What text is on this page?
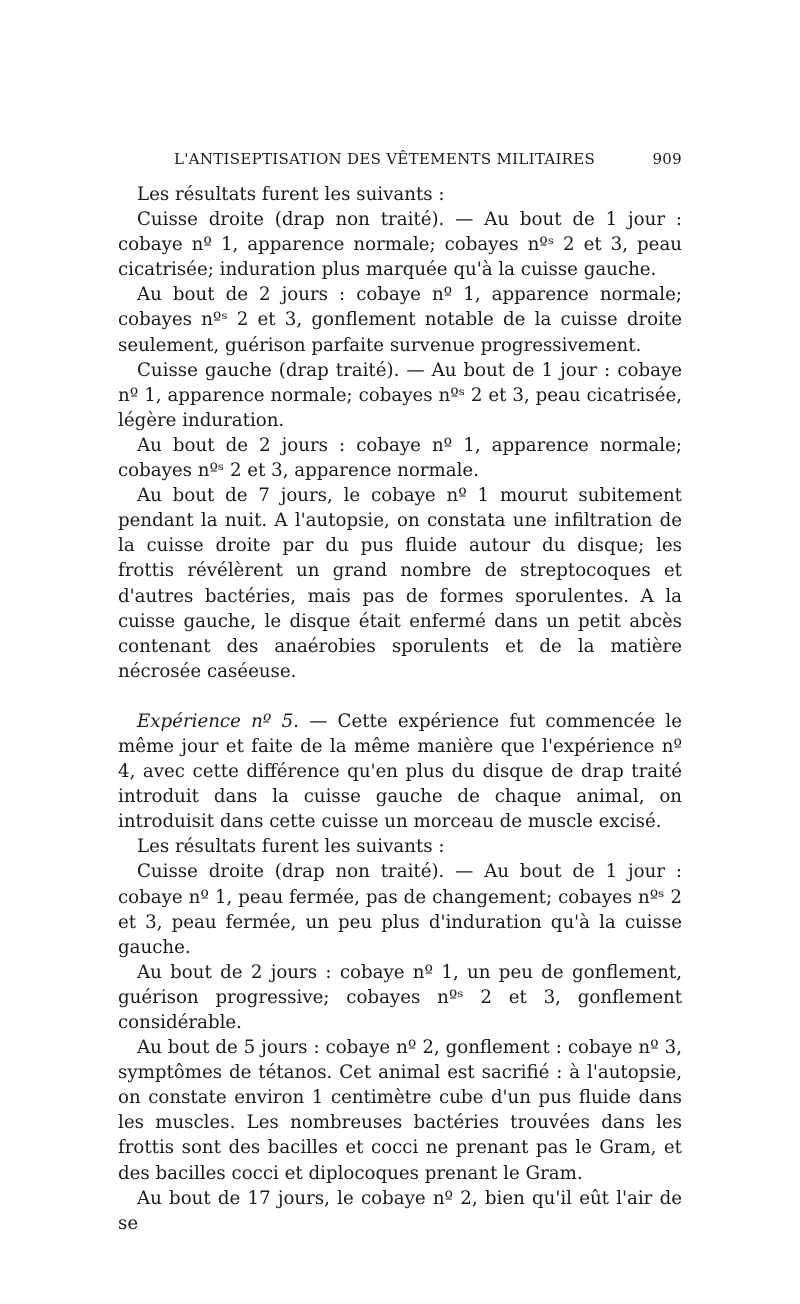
L'ANTISEPTISATION DES VÊTEMENTS MILITAIRES	909

Les résultats furent les suivants :

Cuisse droite (drap non traité). — Au bout de 1 jour : cobaye nº 1, apparence normale; cobayes nºˢ 2 et 3, peau cicatrisée; induration plus marquée qu'à la cuisse gauche.

Au bout de 2 jours : cobaye nº 1, apparence normale; cobayes nºˢ 2 et 3, gonflement notable de la cuisse droite seulement, guérison parfaite survenue progressivement.

Cuisse gauche (drap traité). — Au bout de 1 jour : cobaye nº 1, apparence normale; cobayes nºˢ 2 et 3, peau cicatrisée, légère induration.

Au bout de 2 jours : cobaye nº 1, apparence normale; cobayes nºˢ 2 et 3, apparence normale.

Au bout de 7 jours, le cobaye nº 1 mourut subitement pendant la nuit. A l'autopsie, on constata une infiltration de la cuisse droite par du pus fluide autour du disque; les frottis révélèrent un grand nombre de streptocoques et d'autres bactéries, mais pas de formes sporulentes. A la cuisse gauche, le disque était enfermé dans un petit abcès contenant des anaérobies sporulents et de la matière nécrosée caséeuse.

Expérience nº 5. — Cette expérience fut commencée le même jour et faite de la même manière que l'expérience nº 4, avec cette différence qu'en plus du disque de drap traité introduit dans la cuisse gauche de chaque animal, on introduisit dans cette cuisse un morceau de muscle excisé.

Les résultats furent les suivants :

Cuisse droite (drap non traité). — Au bout de 1 jour : cobaye nº 1, peau fermée, pas de changement; cobayes nºˢ 2 et 3, peau fermée, un peu plus d'induration qu'à la cuisse gauche.

Au bout de 2 jours : cobaye nº 1, un peu de gonflement, guérison progressive; cobayes nºˢ 2 et 3, gonflement considérable.

Au bout de 5 jours : cobaye nº 2, gonflement : cobaye nº 3, symptômes de tétanos. Cet animal est sacrifié : à l'autopsie, on constate environ 1 centimètre cube d'un pus fluide dans les muscles. Les nombreuses bactéries trouvées dans les frottis sont des bacilles et cocci ne prenant pas le Gram, et des bacilles cocci et diplocoques prenant le Gram.

Au bout de 17 jours, le cobaye nº 2, bien qu'il eût l'air de se
